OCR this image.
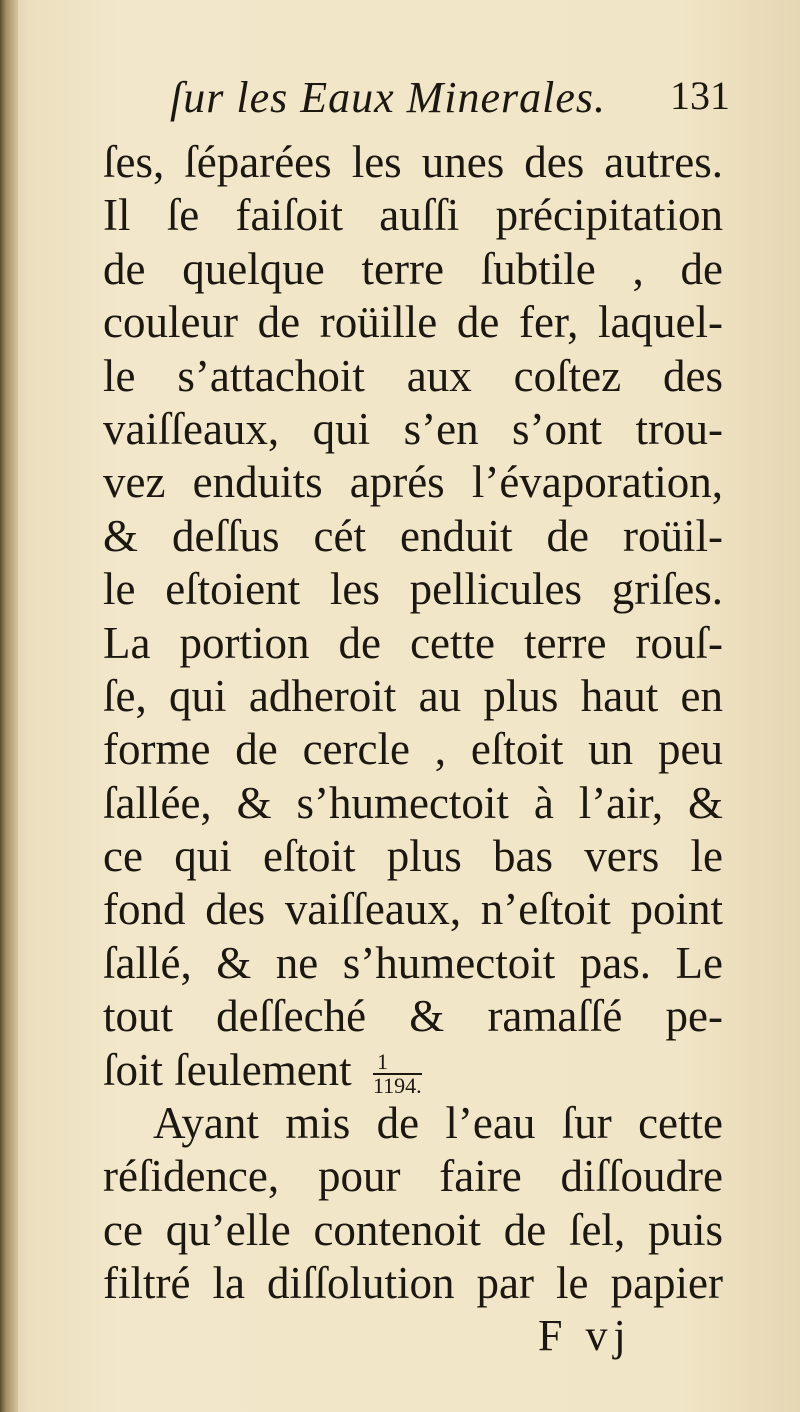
ſur les Eaux Minerales. 131
ſes, ſéparées les unes des autres.
Il ſe faiſoit auſſi précipitation
de quelque terre ſubtile , de
couleur de roüille de fer, laquel-
le s’attachoit aux coſtez des
vaiſſeaux, qui s’en s’ont trou-
vez enduits aprés l’évaporation,
& deſſus cét enduit de roüil-
le eſtoient les pellicules griſes.
La portion de cette terre rouſ-
ſe, qui adheroit au plus haut en
forme de cercle , eſtoit un peu
ſallée, & s’humectoit à l’air, &
ce qui eſtoit plus bas vers le
fond des vaiſſeaux, n’eſtoit point
ſallé, & ne s’humectoit pas. Le
tout deſſeché & ramaſſé pe-
ſoit ſeulement $\frac{1}{1194.}$
Ayant mis de l’eau ſur cette
réſidence, pour faire diſſoudre
ce qu’elle contenoit de ſel, puis
filtré la diſſolution par le papier
F vj
